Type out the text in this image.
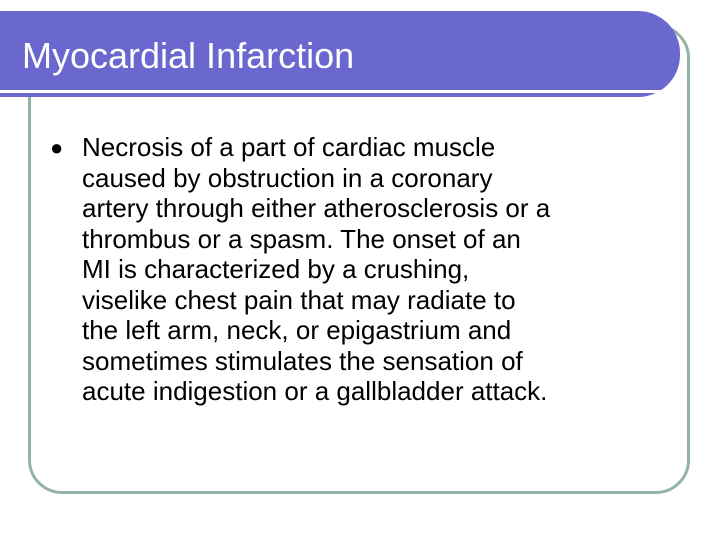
Myocardial Infarction
● Necrosis of a part of cardiac muscle
caused by obstruction in a coronary
artery through either atherosclerosis or a
thrombus or a spasm. The onset of an
MI is characterized by a crushing,
viselike chest pain that may radiate to
the left arm, neck, or epigastrium and
sometimes stimulates the sensation of
acute indigestion or a gallbladder attack.
